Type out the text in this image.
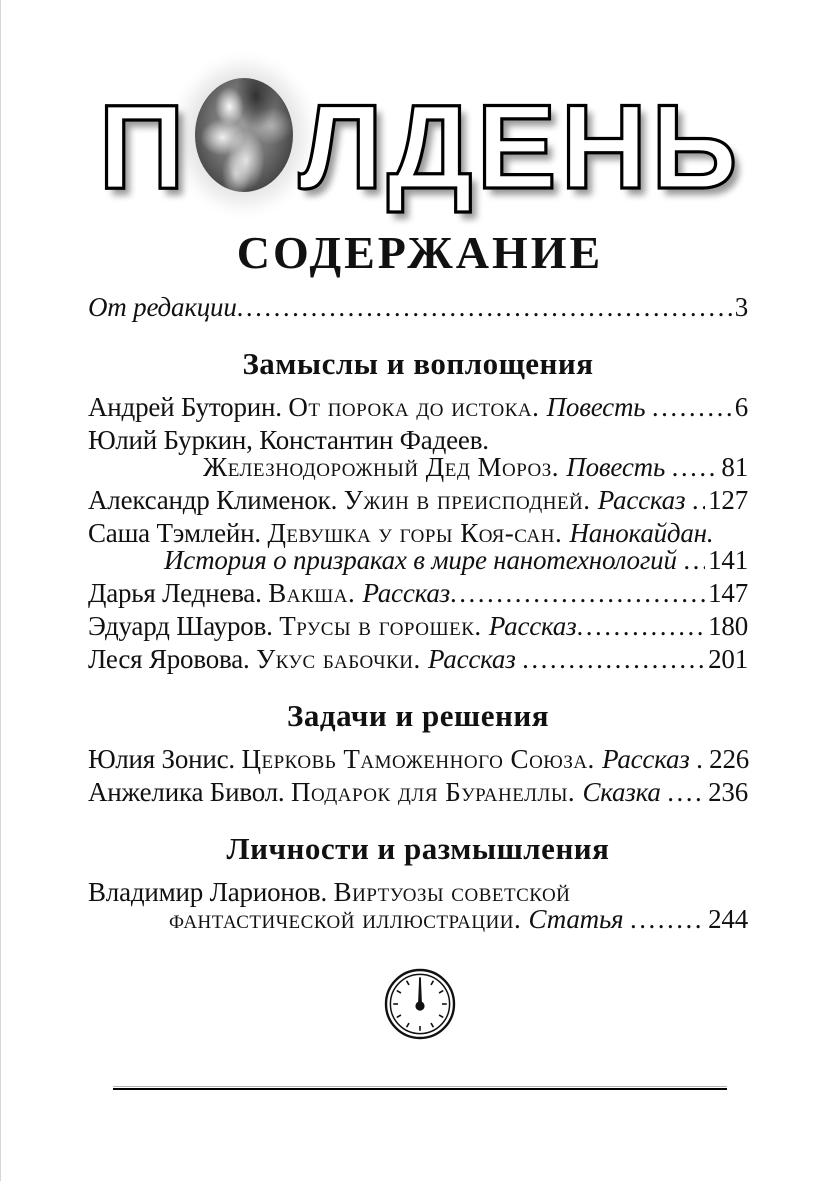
П ЛДЕНЬ
СОДЕРЖАНИЕ
От редакции .....	3
Замыслы и воплощения
Андрей Буторин. От порока до истока. Повесть .....	6
Юлий Буркин, Константин Фадеев.
Железнодорожный Дед Мороз. Повесть ..... 81
Александр Клименок. Ужин в преисподней. Рассказ ..... 127
Саша Тэмлейн. Девушка у горы Коя-сан. Нанокайдан.
История о призраках в мире нанотехнологий ..... 141
Дарья Леднева. Вакша. Рассказ .....	147
Эдуард Шауров. Трусы в горошек. Рассказ .....	180
Леся Яровова. Укус бабочки. Рассказ .....	201
Задачи и решения
Юлия Зонис. Церковь Таможенного Союза. Рассказ ..... 226
Анжелика Бивол. Подарок для Буранеллы. Сказка ..... 236
Личности и размышления
Владимир Ларионов. Виртуозы советской
фантастической иллюстрации. Статья .....	244
